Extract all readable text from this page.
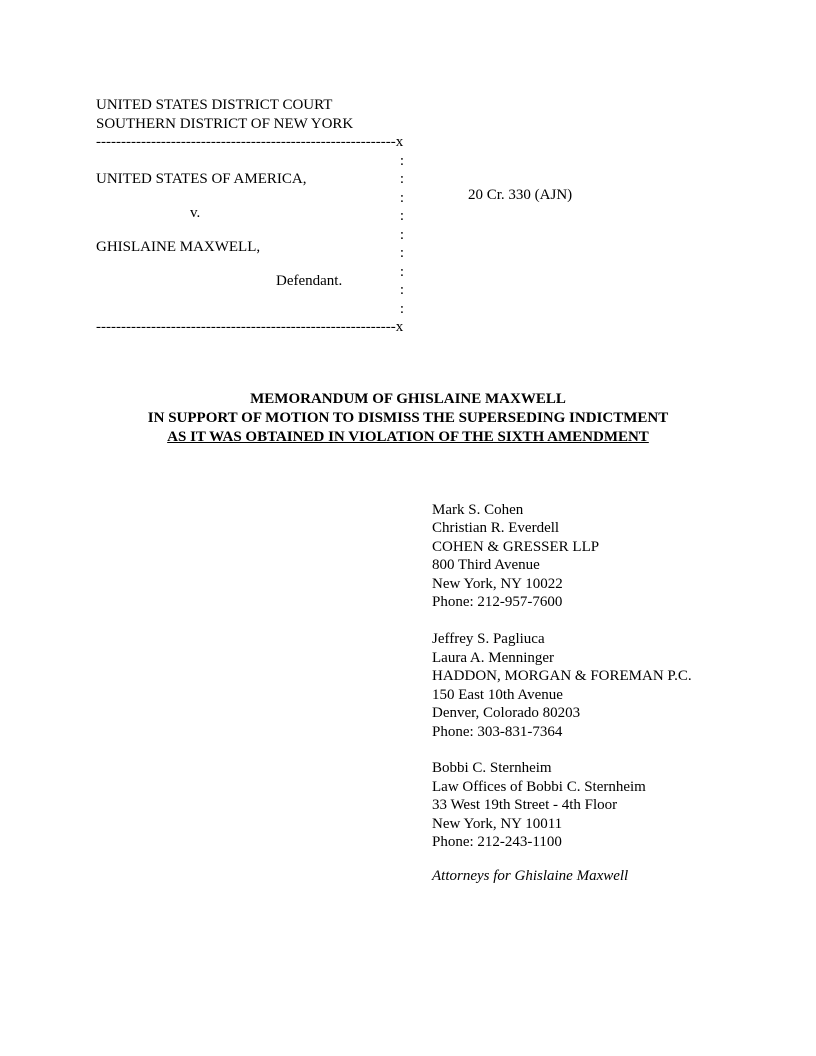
UNITED STATES DISTRICT COURT
SOUTHERN DISTRICT OF NEW YORK
------------------------------------------------------------x
:
:
:
:
:
:
:
:
:
UNITED STATES OF AMERICA,
v.
GHISLAINE MAXWELL,
Defendant.
20 Cr. 330 (AJN)
------------------------------------------------------------x
MEMORANDUM OF GHISLAINE MAXWELL
IN SUPPORT OF MOTION TO DISMISS THE SUPERSEDING INDICTMENT
AS IT WAS OBTAINED IN VIOLATION OF THE SIXTH AMENDMENT
Mark S. Cohen
Christian R. Everdell
COHEN & GRESSER LLP
800 Third Avenue
New York, NY 10022
Phone: 212-957-7600
Jeffrey S. Pagliuca
Laura A. Menninger
HADDON, MORGAN & FOREMAN P.C.
150 East 10th Avenue
Denver, Colorado 80203
Phone: 303-831-7364
Bobbi C. Sternheim
Law Offices of Bobbi C. Sternheim
33 West 19th Street - 4th Floor
New York, NY 10011
Phone: 212-243-1100
Attorneys for Ghislaine Maxwell
